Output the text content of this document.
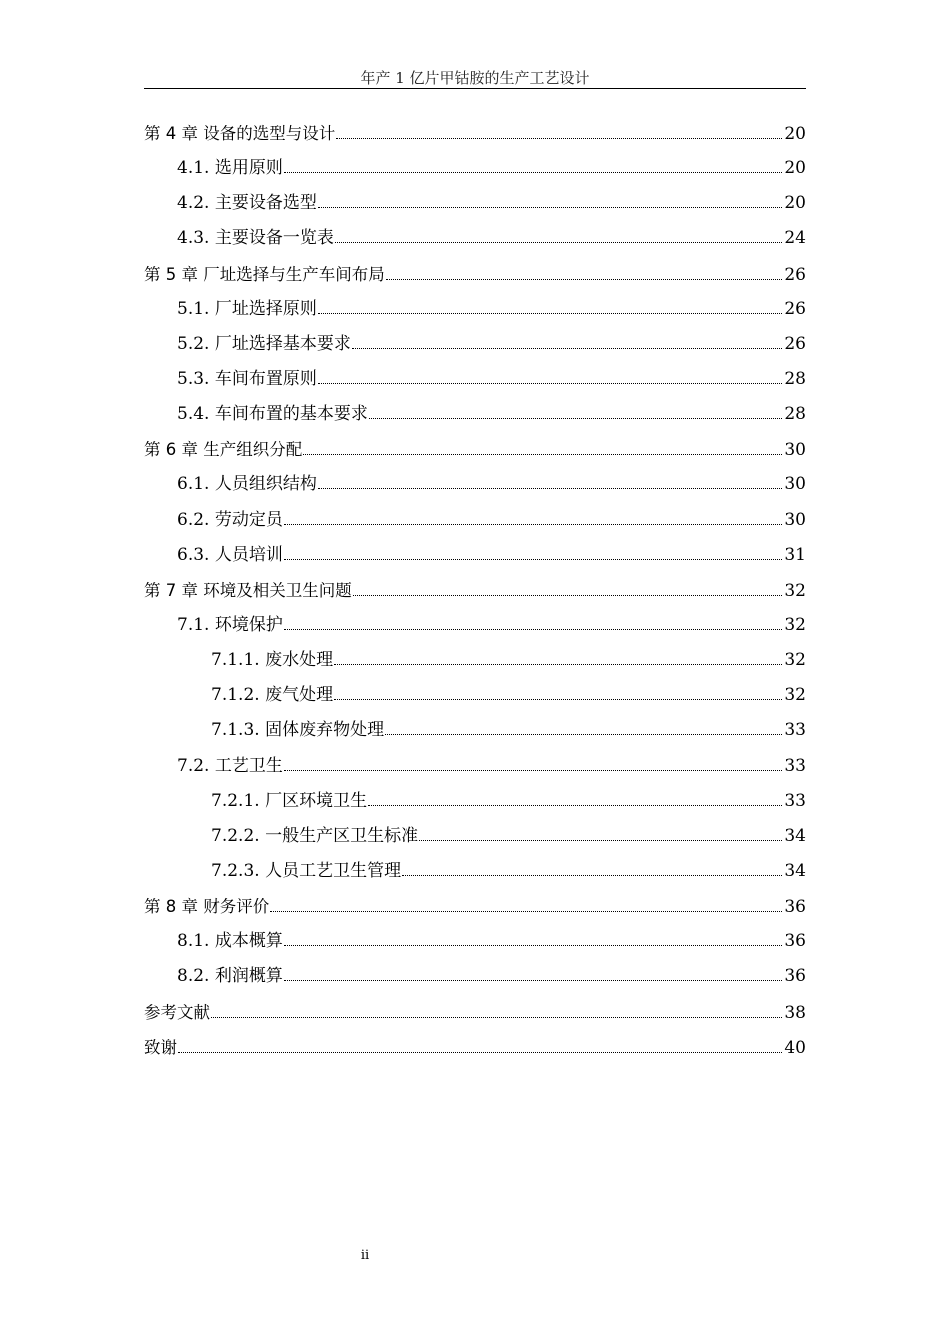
年产 1 亿片甲钴胺的生产工艺设计
第 4 章 设备的选型与设计	20
4.1. 选用原则	20
4.2. 主要设备选型	20
4.3. 主要设备一览表	24
第 5 章 厂址选择与生产车间布局	26
5.1. 厂址选择原则	26
5.2. 厂址选择基本要求	26
5.3. 车间布置原则	28
5.4. 车间布置的基本要求	28
第 6 章 生产组织分配	30
6.1. 人员组织结构	30
6.2. 劳动定员	30
6.3. 人员培训	31
第 7 章 环境及相关卫生问题	32
7.1. 环境保护	32
7.1.1. 废水处理	32
7.1.2. 废气处理	32
7.1.3. 固体废弃物处理	33
7.2. 工艺卫生	33
7.2.1. 厂区环境卫生	33
7.2.2. 一般生产区卫生标准	34
7.2.3. 人员工艺卫生管理	34
第 8 章 财务评价	36
8.1. 成本概算	36
8.2. 利润概算	36
参考文献	38
致谢	40
ii
